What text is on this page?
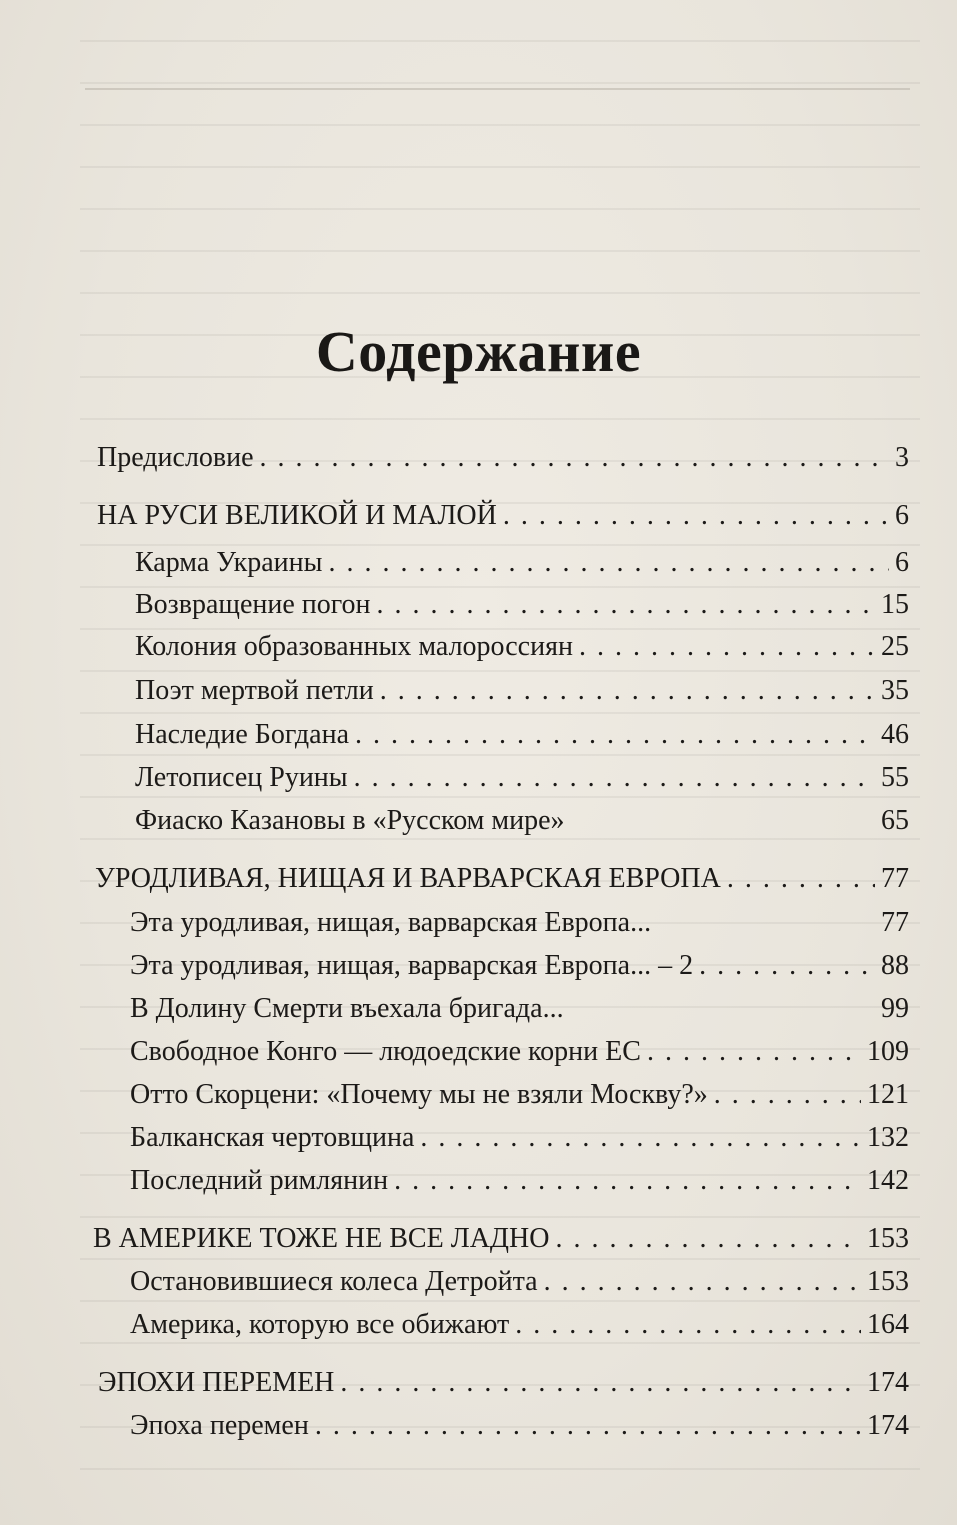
Содержание
Предисловие . . .	3
НА РУСИ ВЕЛИКОЙ И МАЛОЙ . . .	6
Карма Украины . . .	6
Возвращение погон . . .	15
Колония образованных малороссиян . . .	25
Поэт мертвой петли . . .	35
Наследие Богдана . . .	46
Летописец Руины . . .	55
Фиаско Казановы в «Русском мире»	65
УРОДЛИВАЯ, НИЩАЯ И ВАРВАРСКАЯ ЕВРОПА . . .	77
Эта уродливая, нищая, варварская Европа...	77
Эта уродливая, нищая, варварская Европа... – 2 . . .	88
В Долину Смерти въехала бригада...	99
Свободное Конго — людоедские корни ЕС . . .	109
Отто Скорцени: «Почему мы не взяли Москву?» . . .	121
Балканская чертовщина . . .	132
Последний римлянин . . .	142
В АМЕРИКЕ ТОЖЕ НЕ ВСЕ ЛАДНО . . .	153
Остановившиеся колеса Детройта . . .	153
Америка, которую все обижают . . .	164
ЭПОХИ ПЕРЕМЕН . . .	174
Эпоха перемен . . .	174
